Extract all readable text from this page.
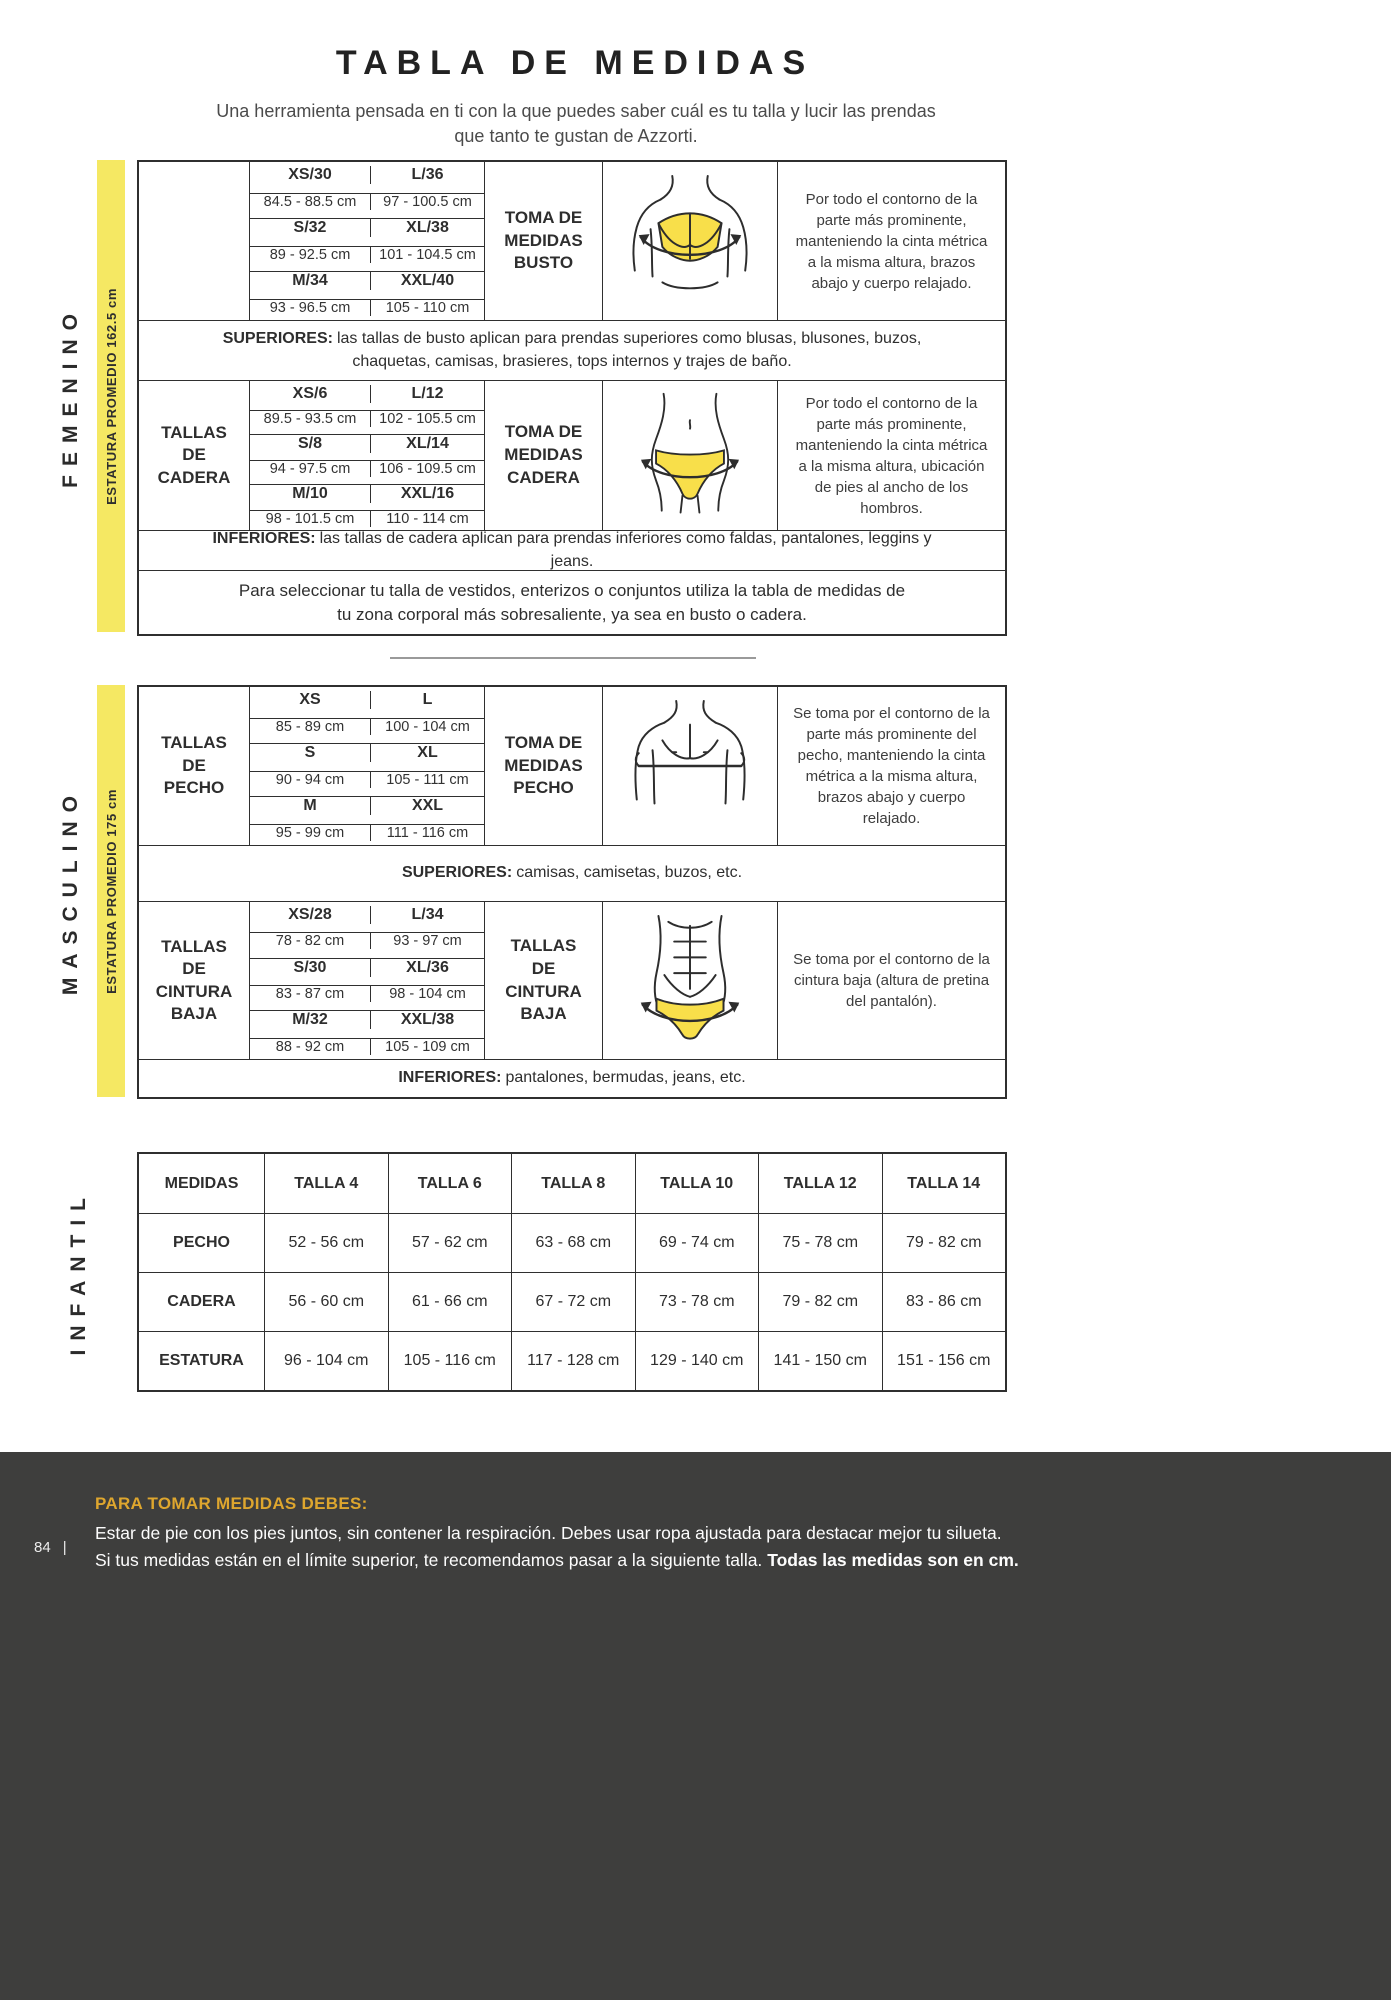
TABLA DE MEDIDAS

Una herramienta pensada en ti con la que puedes saber cuál es tu talla y lucir las prendas que tanto te gustan de Azzorti.

FEMENINO ESTATURA PROMEDIO 162.5 cm
XS/30	L/36
84.5 - 88.5 cm	97 - 100.5 cm
S/32	XL/38
89 - 92.5 cm	101 - 104.5 cm
M/34	XXL/40
93 - 96.5 cm	105 - 110 cm
TOMA DE MEDIDAS BUSTO
Por todo el contorno de la parte más prominente, manteniendo la cinta métrica a la misma altura, brazos abajo y cuerpo relajado.
SUPERIORES: las tallas de busto aplican para prendas superiores como blusas, blusones, buzos, chaquetas, camisas, brasieres, tops internos y trajes de baño.
TALLAS DE CADERA
XS/6	L/12
89.5 - 93.5 cm	102 - 105.5 cm
S/8	XL/14
94 - 97.5 cm	106 - 109.5 cm
M/10	XXL/16
98 - 101.5 cm	110 - 114 cm
TOMA DE MEDIDAS CADERA
Por todo el contorno de la parte más prominente, manteniendo la cinta métrica a la misma altura, ubicación de pies al ancho de los hombros.
INFERIORES: las tallas de cadera aplican para prendas inferiores como faldas, pantalones, leggins y jeans.
Para seleccionar tu talla de vestidos, enterizos o conjuntos utiliza la tabla de medidas de tu zona corporal más sobresaliente, ya sea en busto o cadera.
MASCULINO ESTATURA PROMEDIO 175 cm
TALLAS DE PECHO
XS	L
85 - 89 cm	100 - 104 cm
S	XL
90 - 94 cm	105 - 111 cm
M	XXL
95 - 99 cm	111 - 116 cm
TOMA DE MEDIDAS PECHO
Se toma por el contorno de la parte más prominente del pecho, manteniendo la cinta métrica a la misma altura, brazos abajo y cuerpo relajado.
SUPERIORES: camisas, camisetas, buzos, etc.
TALLAS DE CINTURA BAJA
XS/28	L/34
78 - 82 cm	93 - 97 cm
S/30	XL/36
83 - 87 cm	98 - 104 cm
M/32	XXL/38
88 - 92 cm	105 - 109 cm
TALLAS DE CINTURA BAJA
Se toma por el contorno de la cintura baja (altura de pretina del pantalón).
INFERIORES: pantalones, bermudas, jeans, etc.
INFANTIL
MEDIDAS	TALLA 4	TALLA 6	TALLA 8	TALLA 10	TALLA 12	TALLA 14
PECHO	52 - 56 cm	57 - 62 cm	63 - 68 cm	69 - 74 cm	75 - 78 cm	79 - 82 cm
CADERA	56 - 60 cm	61 - 66 cm	67 - 72 cm	73 - 78 cm	79 - 82 cm	83 - 86 cm
ESTATURA	96 - 104 cm	105 - 116 cm	117 - 128 cm	129 - 140 cm	141 - 150 cm	151 - 156 cm
84 |
PARA TOMAR MEDIDAS DEBES:
Estar de pie con los pies juntos, sin contener la respiración. Debes usar ropa ajustada para destacar mejor tu silueta.
Si tus medidas están en el límite superior, te recomendamos pasar a la siguiente talla. Todas las medidas son en cm.
